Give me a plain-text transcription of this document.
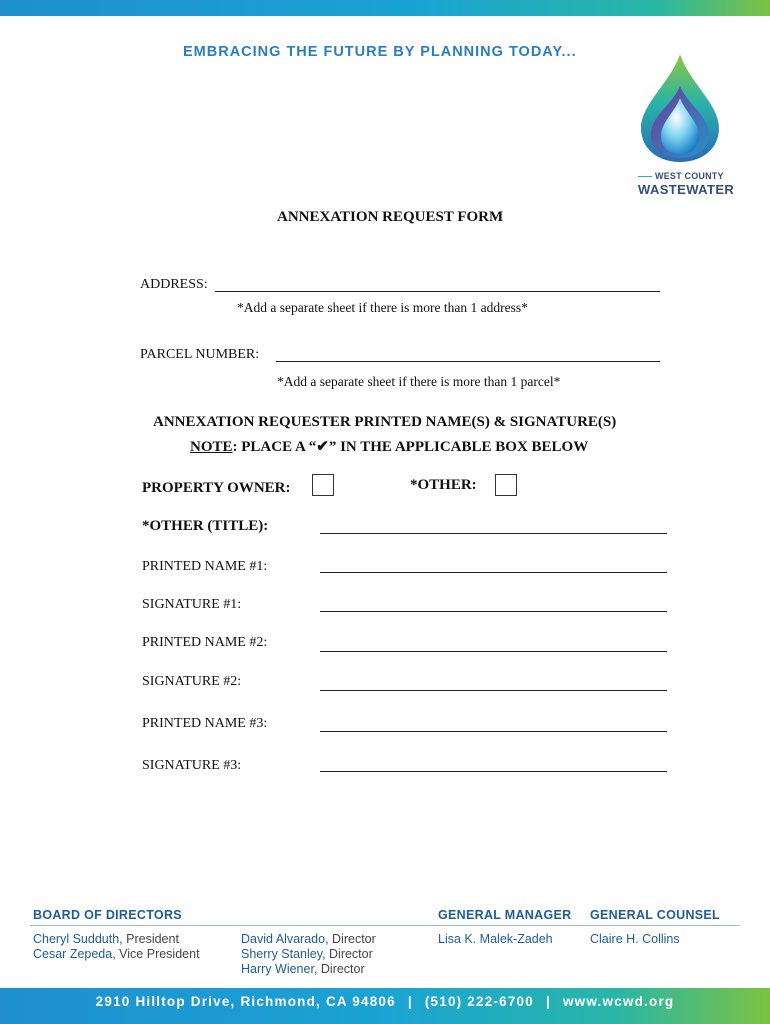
EMBRACING THE FUTURE BY PLANNING TODAY...
WEST COUNTY
WASTEWATER
ANNEXATION REQUEST FORM
ADDRESS:
*Add a separate sheet if there is more than 1 address*
PARCEL NUMBER:
*Add a separate sheet if there is more than 1 parcel*
ANNEXATION REQUESTER PRINTED NAME(S) & SIGNATURE(S)
NOTE: PLACE A “✔” IN THE APPLICABLE BOX BELOW
PROPERTY OWNER:	*OTHER:
*OTHER (TITLE):
PRINTED NAME #1:
SIGNATURE #1:
PRINTED NAME #2:
SIGNATURE #2:
PRINTED NAME #3:
SIGNATURE #3:
BOARD OF DIRECTORS	GENERAL MANAGER GENERAL COUNSEL
Cheryl Sudduth, President
Cesar Zepeda, Vice President
David Alvarado, Director
Sherry Stanley, Director
Harry Wiener, Director
Lisa K. Malek-Zadeh	Claire H. Collins
2910 Hilltop Drive, Richmond, CA 94806 | (510) 222-6700 | www.wcwd.org
